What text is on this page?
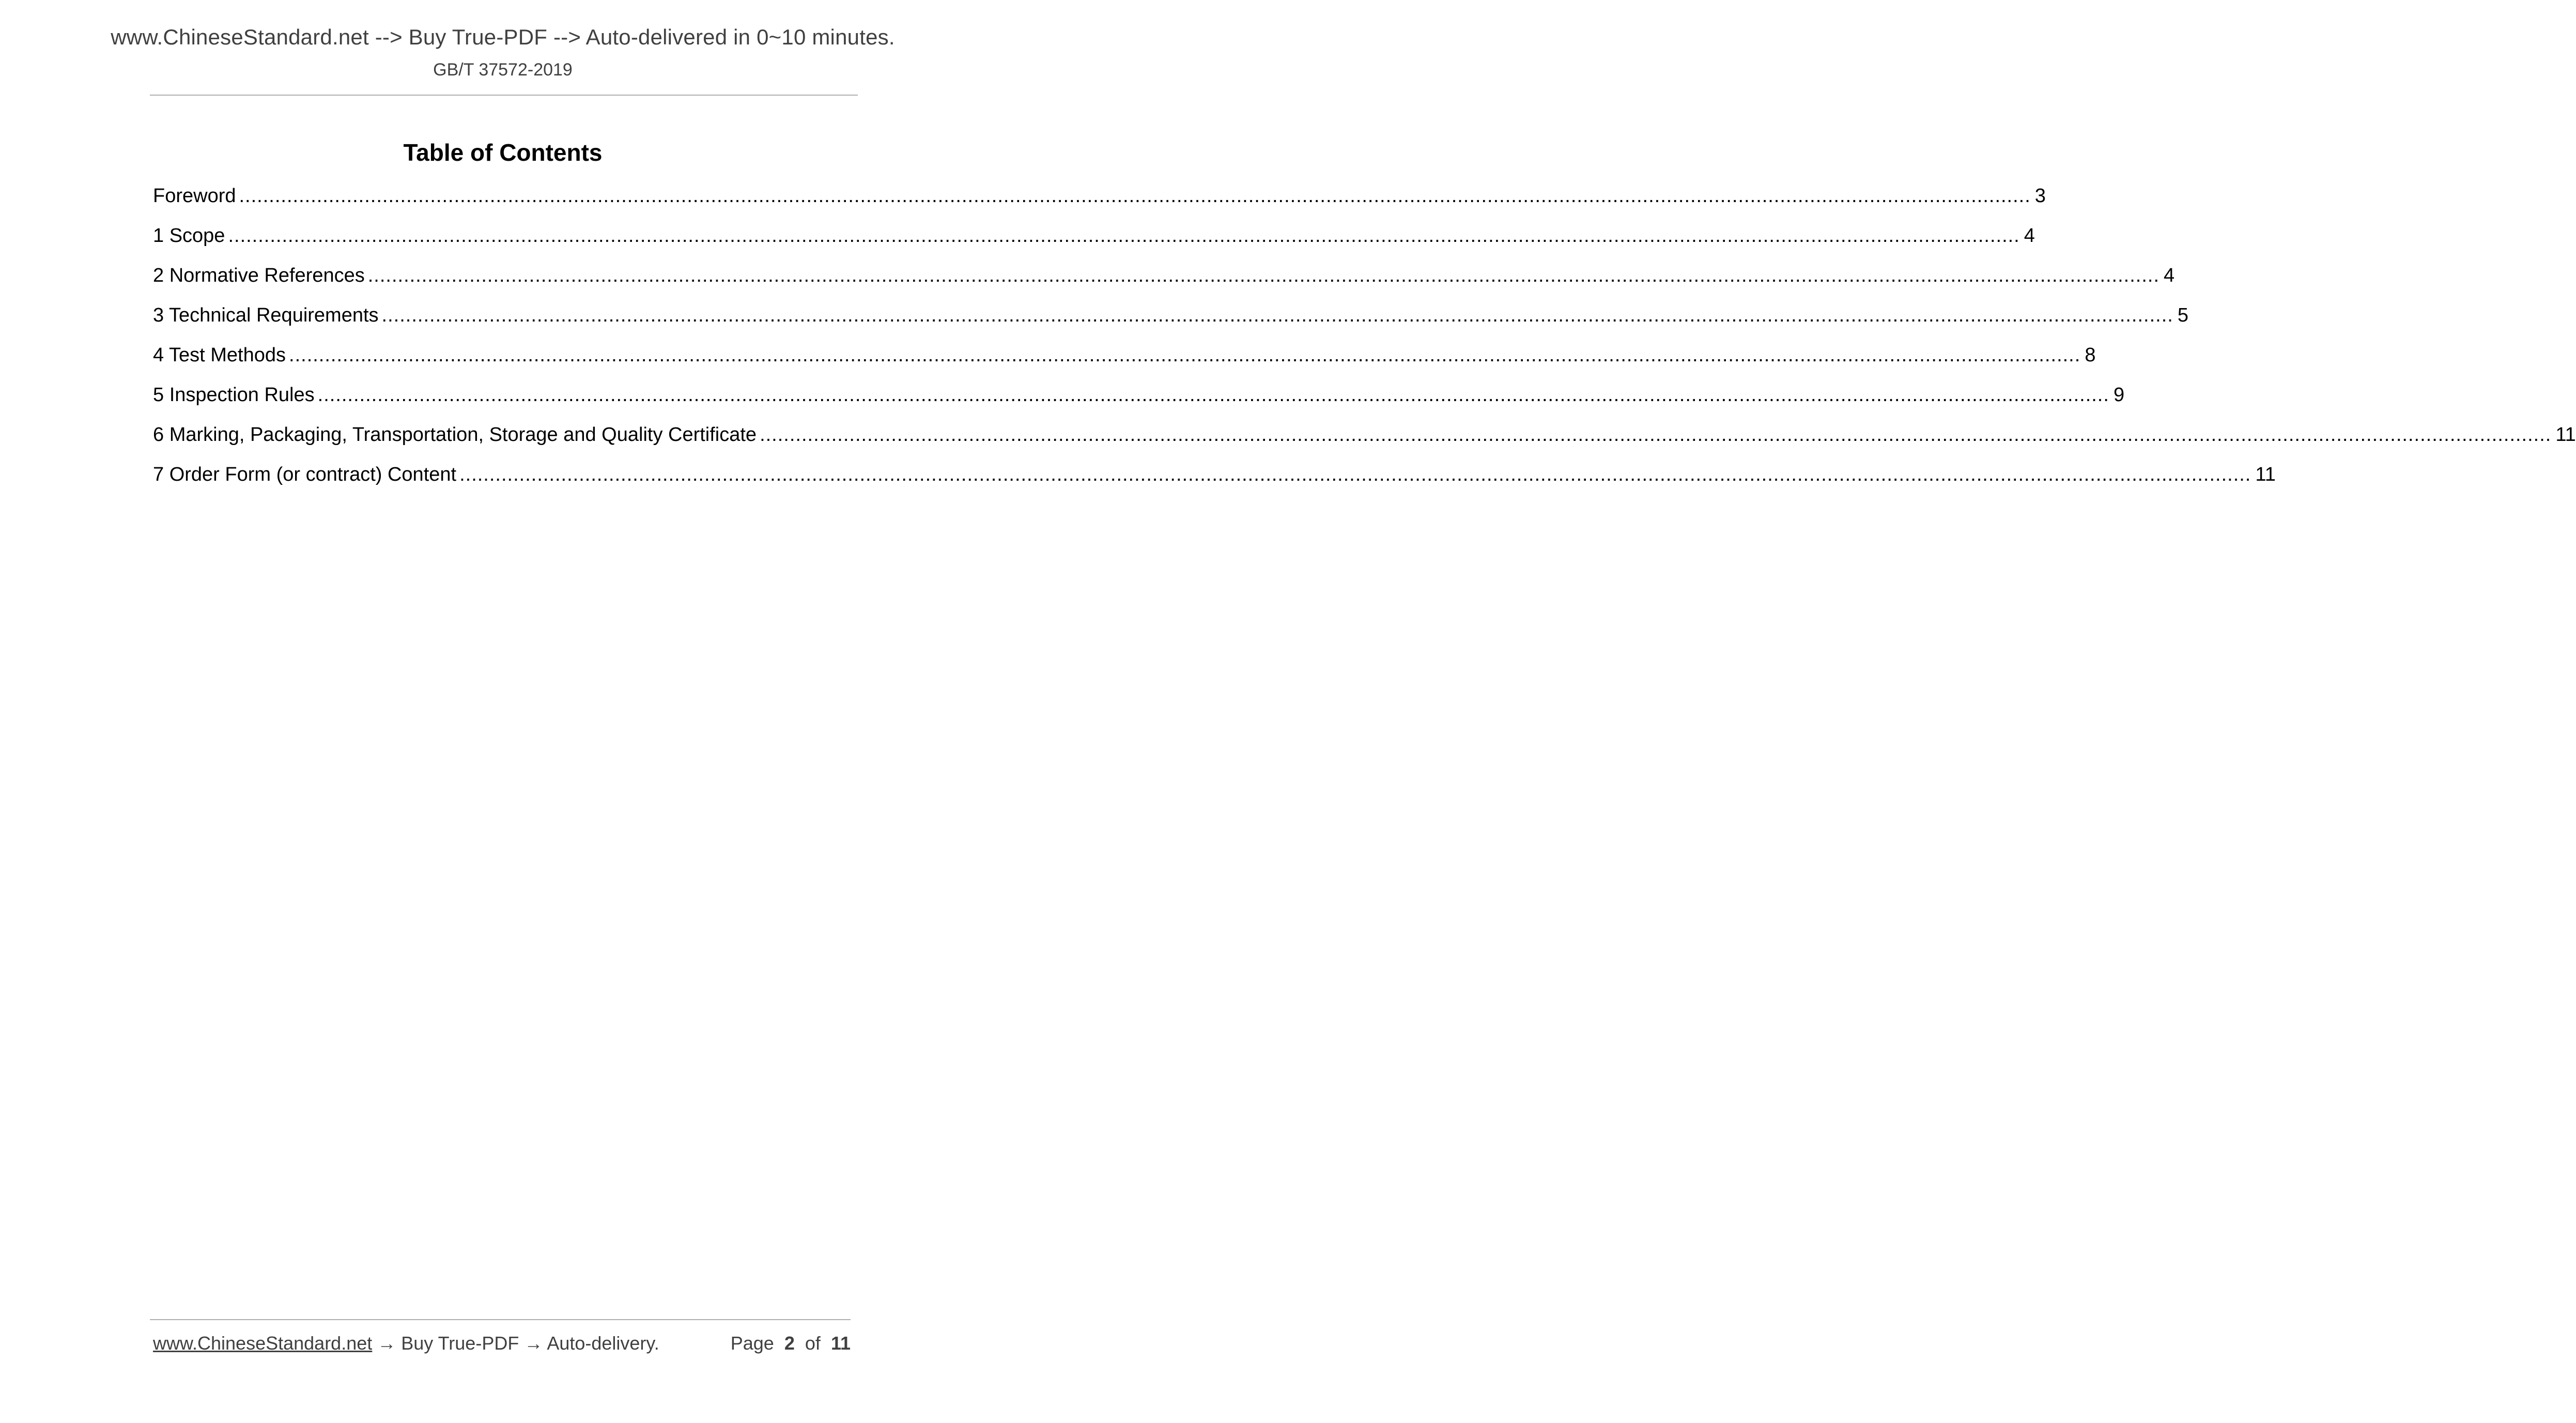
www.ChineseStandard.net --> Buy True-PDF --> Auto-delivered in 0~10 minutes.
GB/T 37572-2019
Table of Contents
Foreword ............................................................................................................................................................................................................................................................................................................ 3
1 Scope ............................................................................................................................................................................................................................................................................................................ 4
2 Normative References ............................................................................................................................................................................................................................................................................................................ 4
3 Technical Requirements ............................................................................................................................................................................................................................................................................................................ 5
4 Test Methods ............................................................................................................................................................................................................................................................................................................ 8
5 Inspection Rules ............................................................................................................................................................................................................................................................................................................ 9
6 Marking, Packaging, Transportation, Storage and Quality Certificate ............................................................................................................................................................................................................................................................................................................ 11
7 Order Form (or contract) Content ............................................................................................................................................................................................................................................................................................................ 11
www.ChineseStandard.net → Buy True-PDF → Auto-delivery.	Page 2 of 11
